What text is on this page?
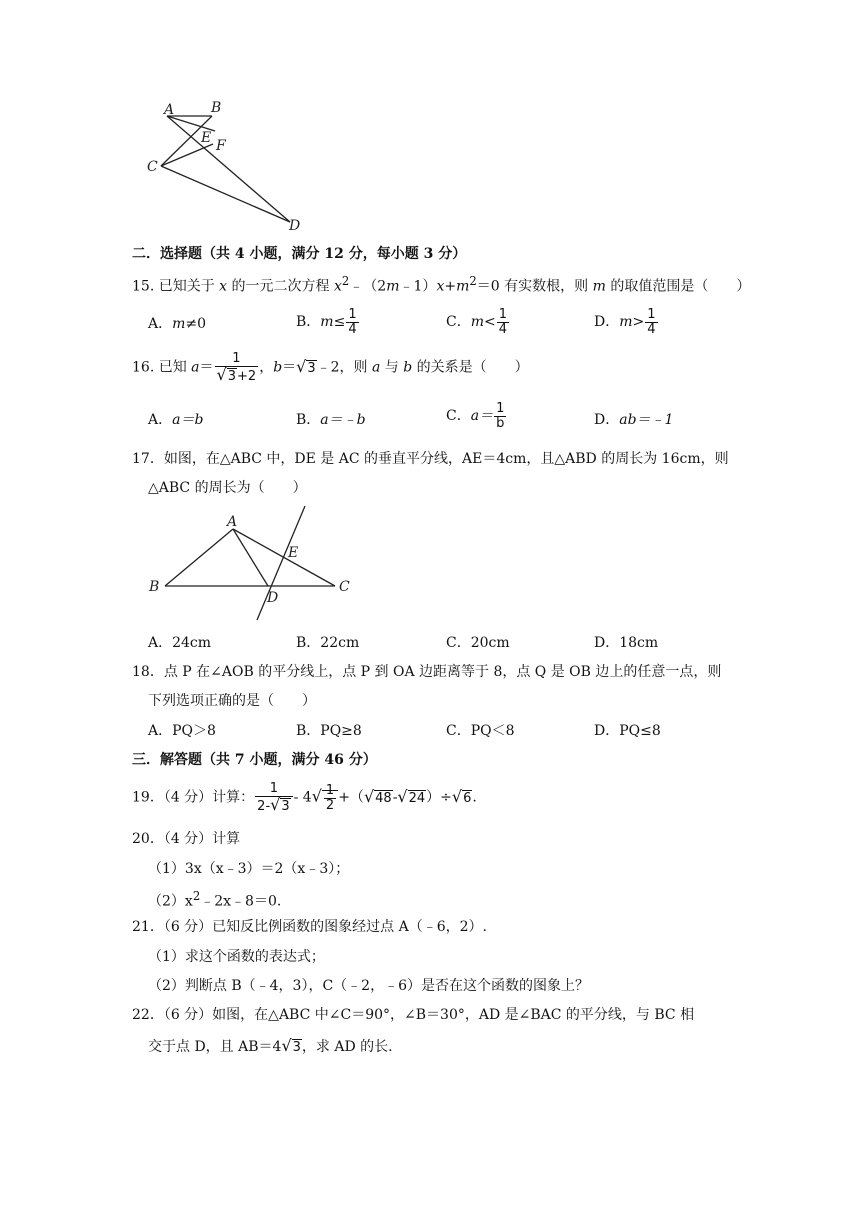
A	B
E F
C
D
二．选择题（共 4 小题，满分 12 分，每小题 3 分）
15. 已知关于 x 的一元二次方程 $x^2﹣(2m﹣1)x+m^2=0$ 有实数根，则 m 的取值范围是（　　）
A．m≠0	B．$m\le \frac{1}{4}$	C．$m< \frac{1}{4}$	D．$m> \frac{1}{4}$
16. 已知 $a= \frac{1}{√3+2}$ ，b＝√3﹣2，则 a 与 b 的关系是（　　）
A．a＝b	B．a＝﹣b	C．$a= \frac{1}{b}$	D．ab＝﹣1
17．如图，在△ABC 中，DE 是 AC 的垂直平分线，AE＝4cm，且△ABD 的周长为 16cm，则
△ABC 的周长为（　　）
A
E
B
D
C
A．24cm	B．22cm	C．20cm	D．18cm
18．点 P 在∠AOB 的平分线上，点 P 到 OA 边距离等于 8，点 Q 是 OB 边上的任意一点，则
下列选项正确的是（　　）
A．PQ＞8	B．PQ≥8	C．PQ＜8	D．PQ≤8
三．解答题（共 7 小题，满分 46 分）
19．（4 分）计算： $\frac{1}{2-√3} - 4√ \frac{1}{2} +(√48-√24)\div√6$.
20．（4 分）计算
（1）3x（x﹣3）＝2（x﹣3）；
$(2)x^2﹣2x﹣8=0$.
21．（6 分）已知反比例函数的图象经过点 A（﹣6，2）.
（1）求这个函数的表达式；
（2）判断点 B（﹣4，3），C（﹣2，﹣6）是否在这个函数的图象上？
22．（6 分）如图，在△ABC 中∠C＝90°，∠B＝30°，AD 是∠BAC 的平分线，与 BC 相
交于点 D，且 AB＝4√3，求 AD 的长.
